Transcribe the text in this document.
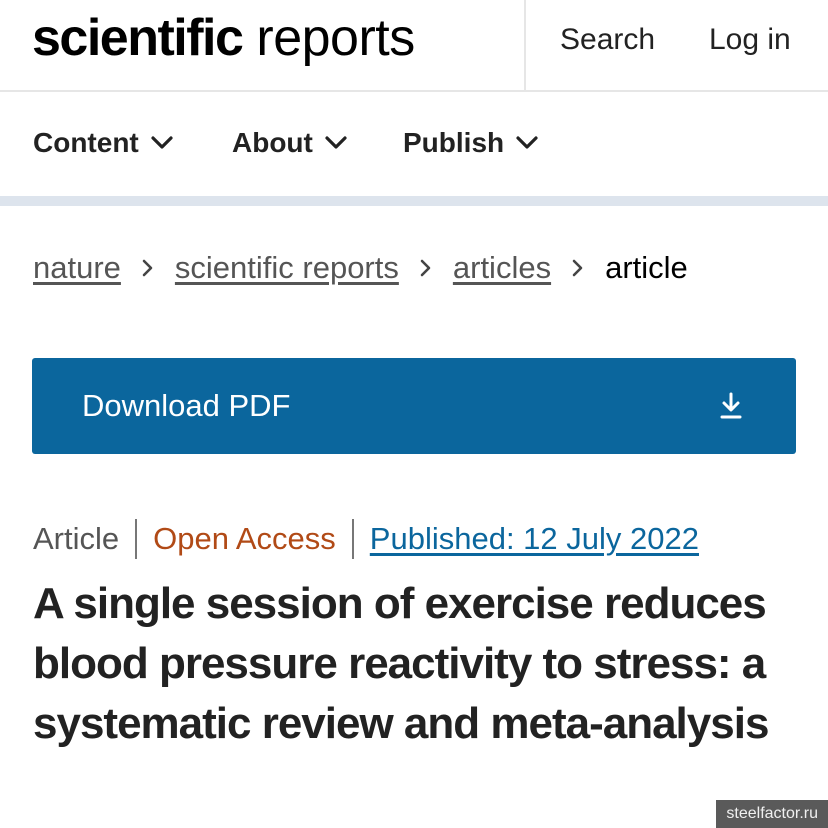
scientific reports	Search Log in
Content	About	Publish
nature scientific reports articles article
Download PDF
Article Open Access Published: 12 July 2022
A single session of exercise reduces blood pressure reactivity to stress: a systematic review and meta-analysis
steelfactor.ru
